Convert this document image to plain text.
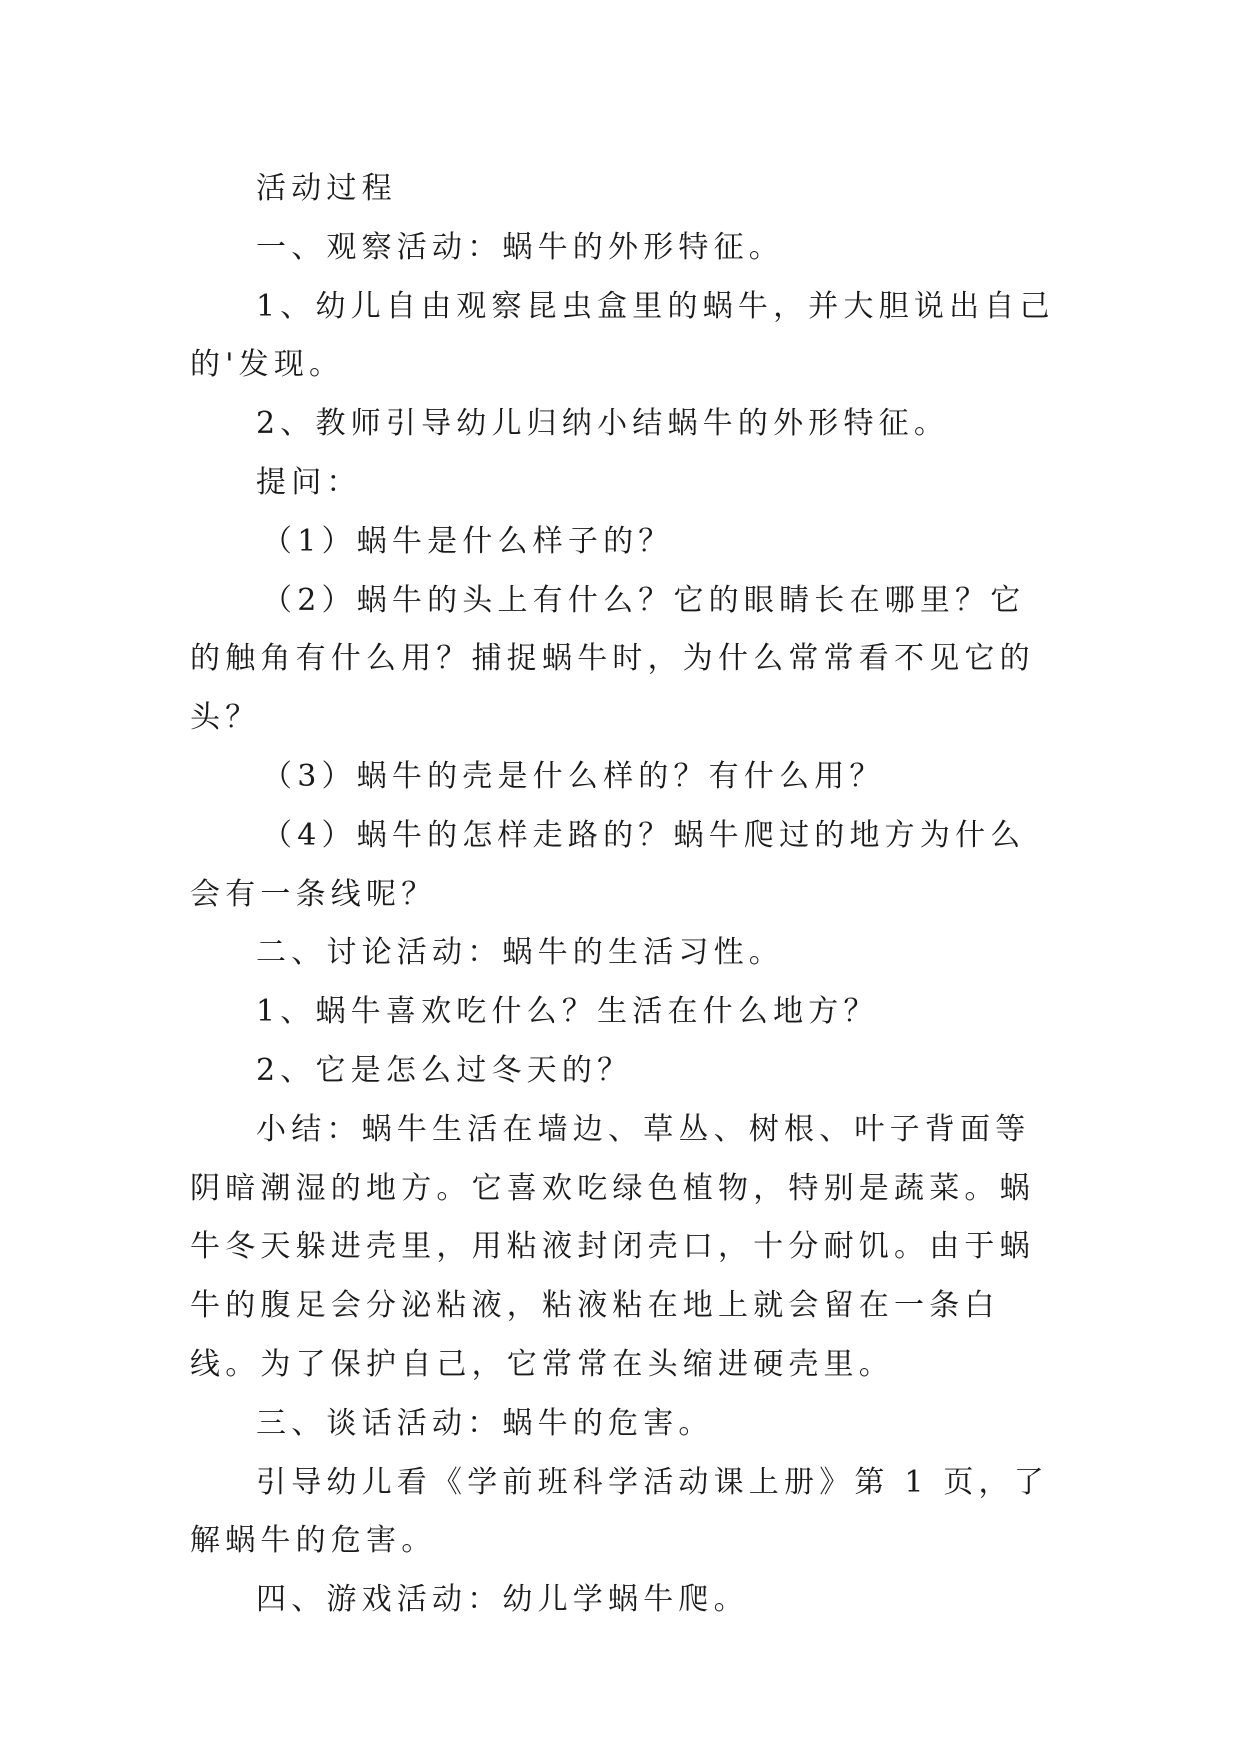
活动过程

一、观察活动：蜗牛的外形特征。

1、幼儿自由观察昆虫盒里的蜗牛，并大胆说出自己的'发现。

2、教师引导幼儿归纳小结蜗牛的外形特征。

提问：

（1）蜗牛是什么样子的？

（2）蜗牛的头上有什么？它的眼睛长在哪里？它的触角有什么用？捕捉蜗牛时，为什么常常看不见它的头？

（3）蜗牛的壳是什么样的？有什么用？

（4）蜗牛的怎样走路的？蜗牛爬过的地方为什么会有一条线呢？

二、讨论活动：蜗牛的生活习性。

1、蜗牛喜欢吃什么？生活在什么地方？

2、它是怎么过冬天的？

小结：蜗牛生活在墙边、草丛、树根、叶子背面等阴暗潮湿的地方。它喜欢吃绿色植物，特别是蔬菜。蜗牛冬天躲进壳里，用粘液封闭壳口，十分耐饥。由于蜗牛的腹足会分泌粘液，粘液粘在地上就会留在一条白线。为了保护自己，它常常在头缩进硬壳里。

三、谈话活动：蜗牛的危害。

引导幼儿看《学前班科学活动课上册》第 1 页，了解蜗牛的危害。

四、游戏活动：幼儿学蜗牛爬。
